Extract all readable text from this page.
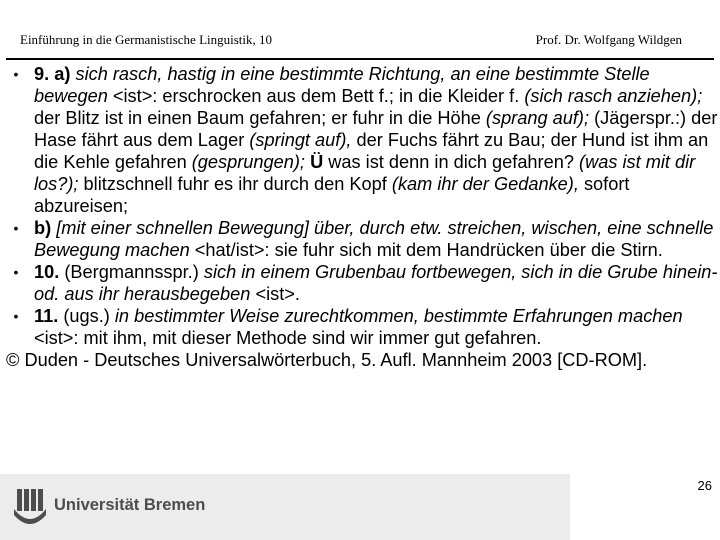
Einführung in die Germanistische Linguistik, 10	Prof. Dr. Wolfgang Wildgen
• 9. a) sich rasch, hastig in eine bestimmte Richtung, an eine bestimmte Stelle bewegen <ist>: erschrocken aus dem Bett f.; in die Kleider f. (sich rasch anziehen); der Blitz ist in einen Baum gefahren; er fuhr in die Höhe (sprang auf); (Jägerspr.:) der Hase fährt aus dem Lager (springt auf), der Fuchs fährt zu Bau; der Hund ist ihm an die Kehle gefahren (gesprungen); Ü was ist denn in dich gefahren? (was ist mit dir los?); blitzschnell fuhr es ihr durch den Kopf (kam ihr der Gedanke), sofort abzureisen;
• b) [mit einer schnellen Bewegung] über, durch etw. streichen, wischen, eine schnelle Bewegung machen <hat/ist>: sie fuhr sich mit dem Handrücken über die Stirn.
• 10. (Bergmannsspr.) sich in einem Grubenbau fortbewegen, sich in die Grube hinein- od. aus ihr herausbegeben <ist>.
• 11. (ugs.) in bestimmter Weise zurechtkommen, bestimmte Erfahrungen machen <ist>: mit ihm, mit dieser Methode sind wir immer gut gefahren.
© Duden - Deutsches Universalwörterbuch, 5. Aufl. Mannheim 2003 [CD-ROM].
Universität Bremen
26
